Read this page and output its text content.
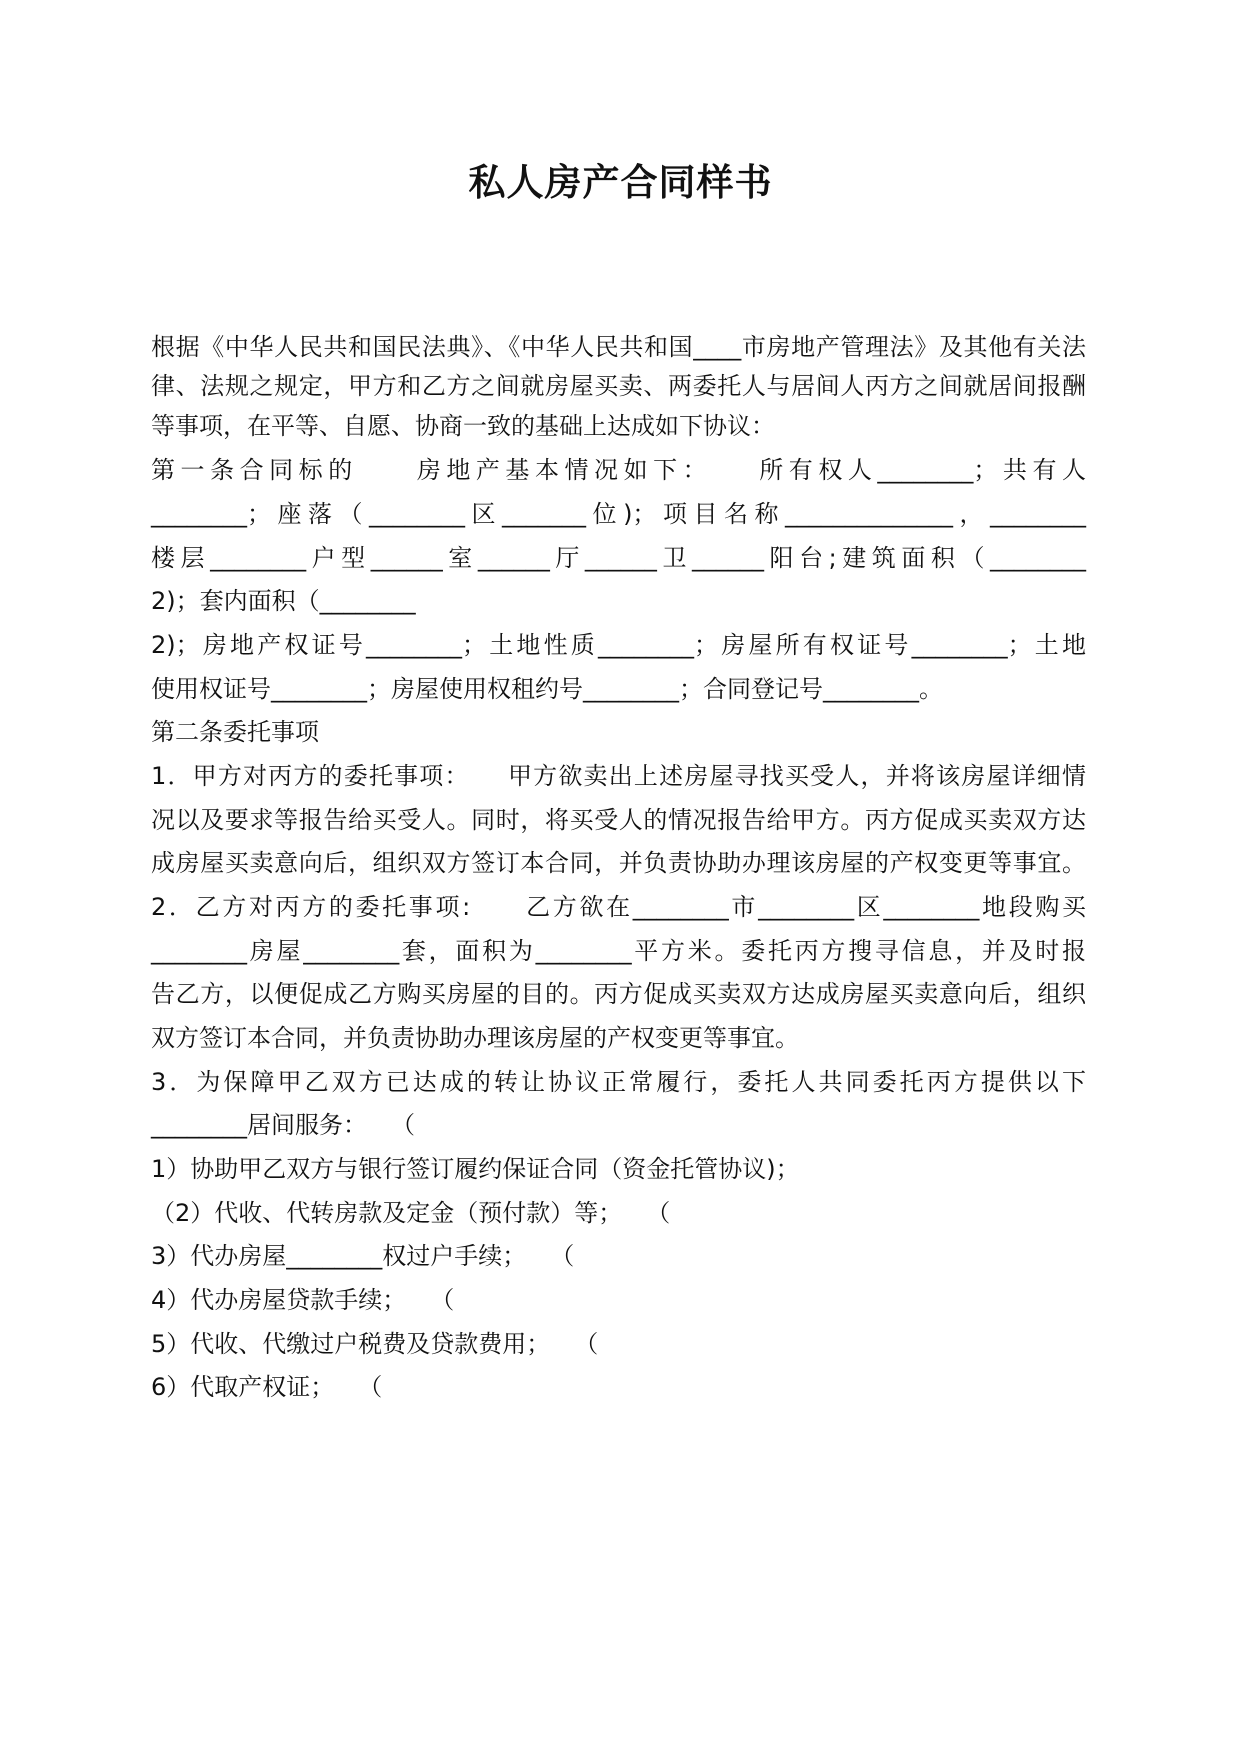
私人房产合同样书
根据《中华人民共和国民法典》、《中华人民共和国____市房地产管理法》及其他有关法
律、法规之规定，甲方和乙方之间就房屋买卖、两委托人与居间人丙方之间就居间报酬
等事项，在平等、自愿、协商一致的基础上达成如下协议：
第一条合同标的　　房地产基本情况如下：　　所有权人________；共有人
________；座落（________区_______位)；项目名称______________，________
楼层________户型______室______厅______卫______阳台;建筑面积（________
2)；套内面积（________
2)；房地产权证号________；土地性质________；房屋所有权证号________；土地
使用权证号________；房屋使用权租约号________；合同登记号________。
第二条委托事项
1．甲方对丙方的委托事项：　　甲方欲卖出上述房屋寻找买受人，并将该房屋详细情
况以及要求等报告给买受人。同时，将买受人的情况报告给甲方。丙方促成买卖双方达
成房屋买卖意向后，组织双方签订本合同，并负责协助办理该房屋的产权变更等事宜。
2．乙方对丙方的委托事项:　　乙方欲在________市________区________地段购买
________房屋________套，面积为________平方米。委托丙方搜寻信息，并及时报
告乙方，以便促成乙方购买房屋的目的。丙方促成买卖双方达成房屋买卖意向后，组织
双方签订本合同，并负责协助办理该房屋的产权变更等事宜。
3．为保障甲乙双方已达成的转让协议正常履行，委托人共同委托丙方提供以下
________居间服务：　　（
1）协助甲乙双方与银行签订履约保证合同（资金托管协议)；
（2）代收、代转房款及定金（预付款）等；　　（
3）代办房屋________权过户手续；　　（
4）代办房屋贷款手续；　　（
5）代收、代缴过户税费及贷款费用；　　（
6）代取产权证；　　（
